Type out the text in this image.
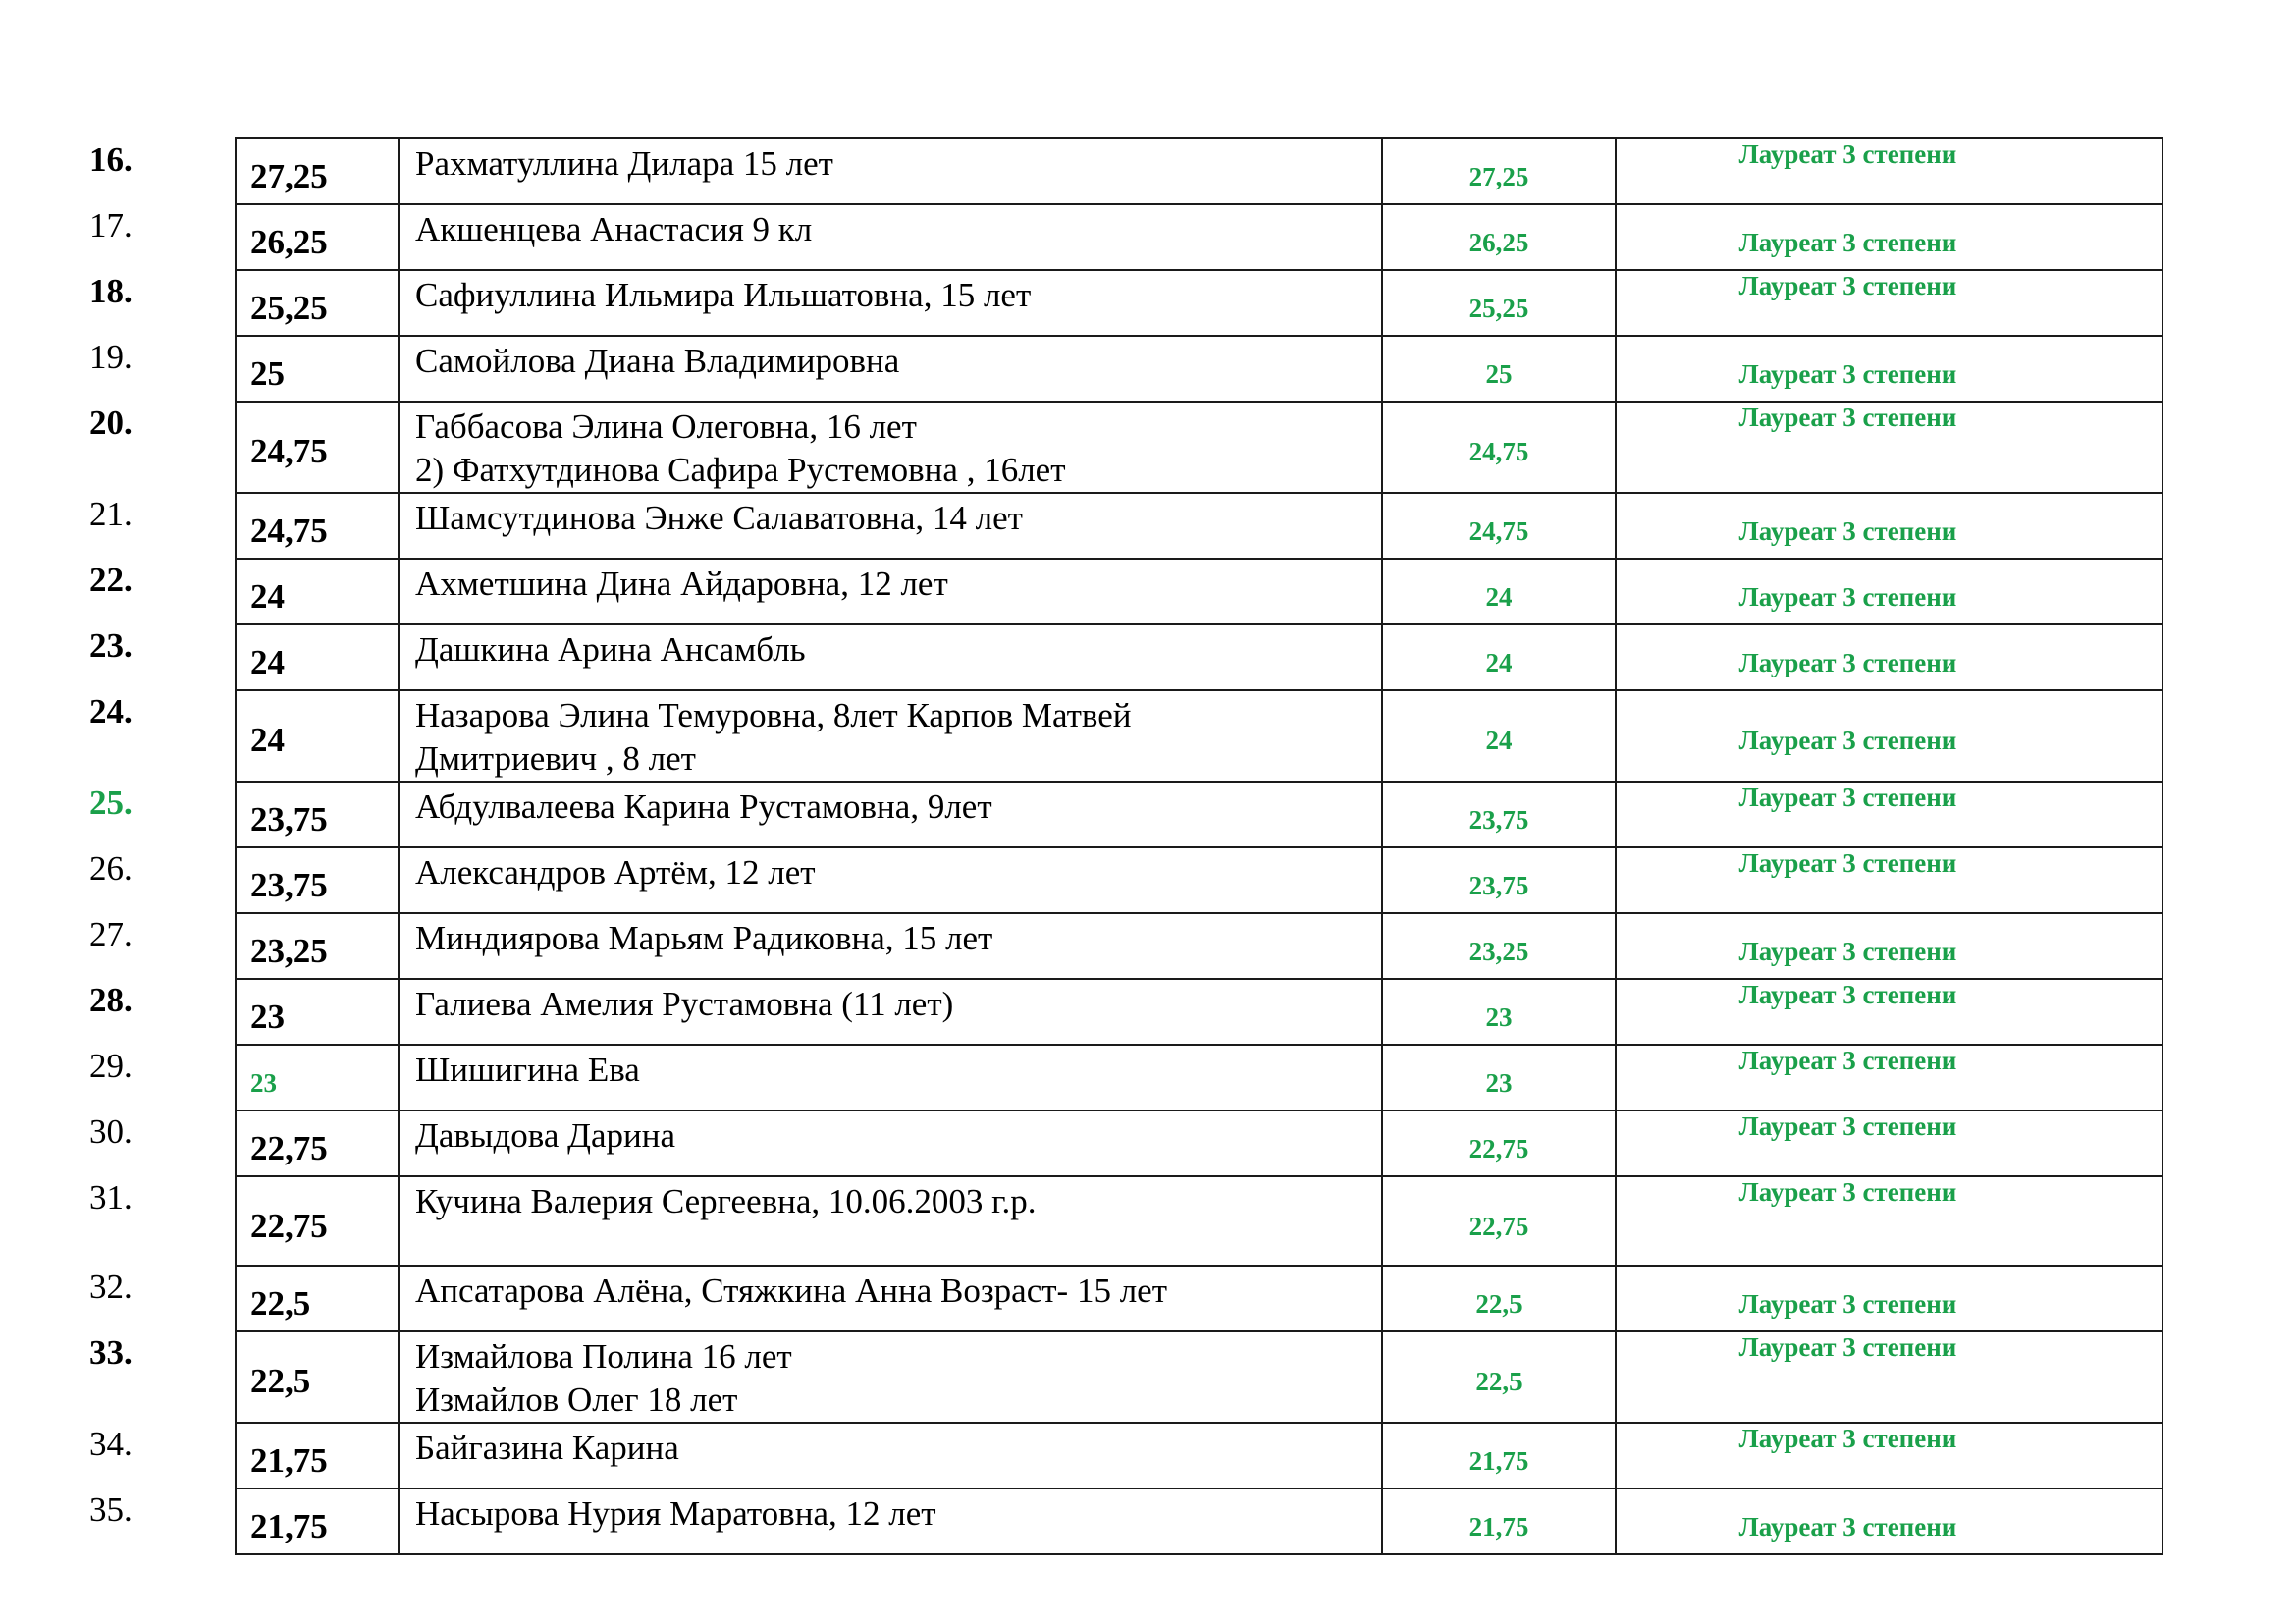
16.	27,25	Рахматуллина Дилара 15 лет	27,25	Лауреат 3 степени

17.	26,25	Акшенцева Анастасия 9 кл	26,25	Лауреат 3 степени

18.	25,25	Сафиуллина Ильмира Ильшатовна, 15 лет	25,25	Лауреат 3 степени

19.	25	Самойлова Диана Владимировна	25	Лауреат 3 степени

20.	24,75	Габбасова Элина Олеговна, 16 лет
2) Фатхутдинова Сафира Рустемовна , 16лет	24,75	Лауреат 3 степени

21.	24,75	Шамсутдинова Энже Салаватовна, 14 лет	24,75	Лауреат 3 степени

22.	24	Ахметшина Дина Айдаровна, 12 лет	24	Лауреат 3 степени

23.	24	Дашкина Арина Ансамбль	24	Лауреат 3 степени

24.	24	Назарова Элина Темуровна, 8лет Карпов Матвей
Дмитриевич , 8 лет	24	Лауреат 3 степени

25.	23,75	Абдулвалеева Карина Рустамовна, 9лет	23,75	Лауреат 3 степени

26.	23,75	Александров Артём, 12 лет	23,75	Лауреат 3 степени

27.	23,25	Миндиярова Марьям Радиковна, 15 лет	23,25	Лауреат 3 степени

28.	23	Галиева Амелия Рустамовна (11 лет)	23	Лауреат 3 степени

29.	23	Шишигина Ева	23	Лауреат 3 степени

30.	22,75	Давыдова Дарина	22,75	Лауреат 3 степени

31.	22,75	Кучина Валерия Сергеевна, 10.06.2003 г.р.	22,75	Лауреат 3 степени

32.	22,5	Апсатарова Алёна, Стяжкина Анна Возраст- 15 лет	22,5	Лауреат 3 степени

33.	22,5	Измайлова Полина 16 лет
Измайлов Олег 18 лет	22,5	Лауреат 3 степени

34.	21,75	Байгазина Карина	21,75	Лауреат 3 степени

35.	21,75	Насырова Нурия Маратовна, 12 лет	21,75	Лауреат 3 степени
